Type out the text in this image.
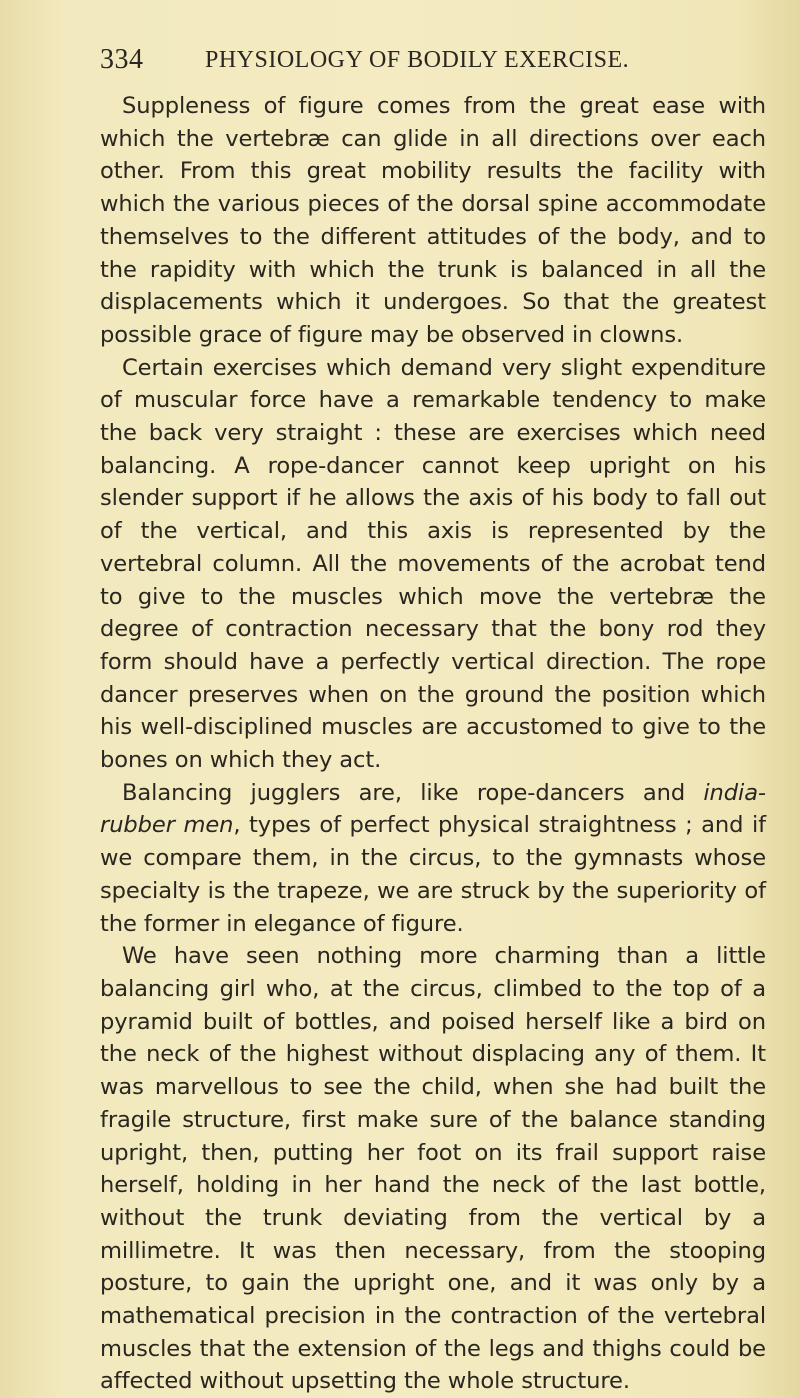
334	PHYSIOLOGY OF BODILY EXERCISE.

Suppleness of figure comes from the great ease with which the vertebræ can glide in all directions over each other. From this great mobility results the facility with which the various pieces of the dorsal spine accommodate themselves to the different attitudes of the body, and to the rapidity with which the trunk is balanced in all the displacements which it undergoes. So that the greatest possible grace of figure may be observed in clowns.

Certain exercises which demand very slight expenditure of muscular force have a remarkable tendency to make the back very straight : these are exercises which need balancing. A rope-dancer cannot keep upright on his slender support if he allows the axis of his body to fall out of the vertical, and this axis is represented by the vertebral column. All the movements of the acrobat tend to give to the muscles which move the vertebræ the degree of contraction necessary that the bony rod they form should have a perfectly vertical direction. The rope dancer preserves when on the ground the position which his well-disciplined muscles are accustomed to give to the bones on which they act.

Balancing jugglers are, like rope-dancers and india-rubber men, types of perfect physical straightness ; and if we compare them, in the circus, to the gymnasts whose specialty is the trapeze, we are struck by the superiority of the former in elegance of figure.

We have seen nothing more charming than a little balancing girl who, at the circus, climbed to the top of a pyramid built of bottles, and poised herself like a bird on the neck of the highest without displacing any of them. It was marvellous to see the child, when she had built the fragile structure, first make sure of the balance standing upright, then, putting her foot on its frail support raise herself, holding in her hand the neck of the last bottle, without the trunk deviating from the vertical by a millimetre. It was then necessary, from the stooping posture, to gain the upright one, and it was only by a mathematical precision in the contraction of the vertebral muscles that the extension of the legs and thighs could be affected without upsetting the whole structure.
